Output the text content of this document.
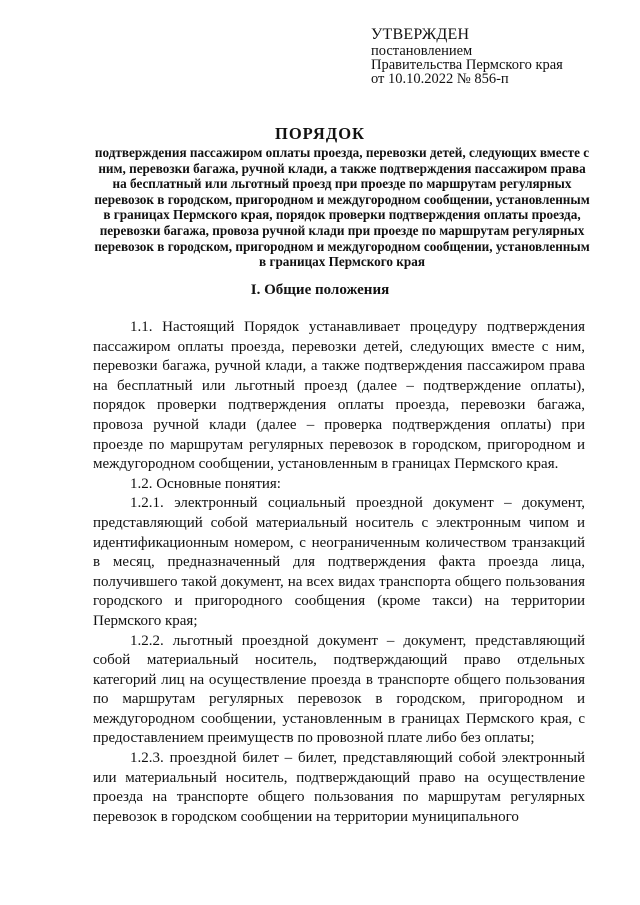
УТВЕРЖДЕН
постановлением
Правительства Пермского края
от 10.10.2022 № 856-п
ПОРЯДОК
подтверждения пассажиром оплаты проезда, перевозки детей, следующих вместе с ним, перевозки багажа, ручной клади, а также подтверждения пассажиром права на бесплатный или льготный проезд при проезде по маршрутам регулярных перевозок в городском, пригородном и междугородном сообщении, установленным в границах Пермского края, порядок проверки подтверждения оплаты проезда, перевозки багажа, провоза ручной клади при проезде по маршрутам регулярных перевозок в городском, пригородном и междугородном сообщении, установленным в границах Пермского края
I. Общие положения

1.1. Настоящий Порядок устанавливает процедуру подтверждения пассажиром оплаты проезда, перевозки детей, следующих вместе с ним, перевозки багажа, ручной клади, а также подтверждения пассажиром права на бесплатный или льготный проезд (далее – подтверждение оплаты), порядок проверки подтверждения оплаты проезда, перевозки багажа, провоза ручной клади (далее – проверка подтверждения оплаты) при проезде по маршрутам регулярных перевозок в городском, пригородном и междугородном сообщении, установленным в границах Пермского края.

1.2. Основные понятия:

1.2.1. электронный социальный проездной документ – документ, представляющий собой материальный носитель с электронным чипом и идентификационным номером, с неограниченным количеством транзакций в месяц, предназначенный для подтверждения факта проезда лица, получившего такой документ, на всех видах транспорта общего пользования городского и пригородного сообщения (кроме такси) на территории Пермского края;

1.2.2. льготный проездной документ – документ, представляющий собой материальный носитель, подтверждающий право отдельных категорий лиц на осуществление проезда в транспорте общего пользования по маршрутам регулярных перевозок в городском, пригородном и междугородном сообщении, установленным в границах Пермского края, с предоставлением преимуществ по провозной плате либо без оплаты;

1.2.3. проездной билет – билет, представляющий собой электронный или материальный носитель, подтверждающий право на осуществление проезда на транспорте общего пользования по маршрутам регулярных перевозок в городском сообщении на территории муниципального
